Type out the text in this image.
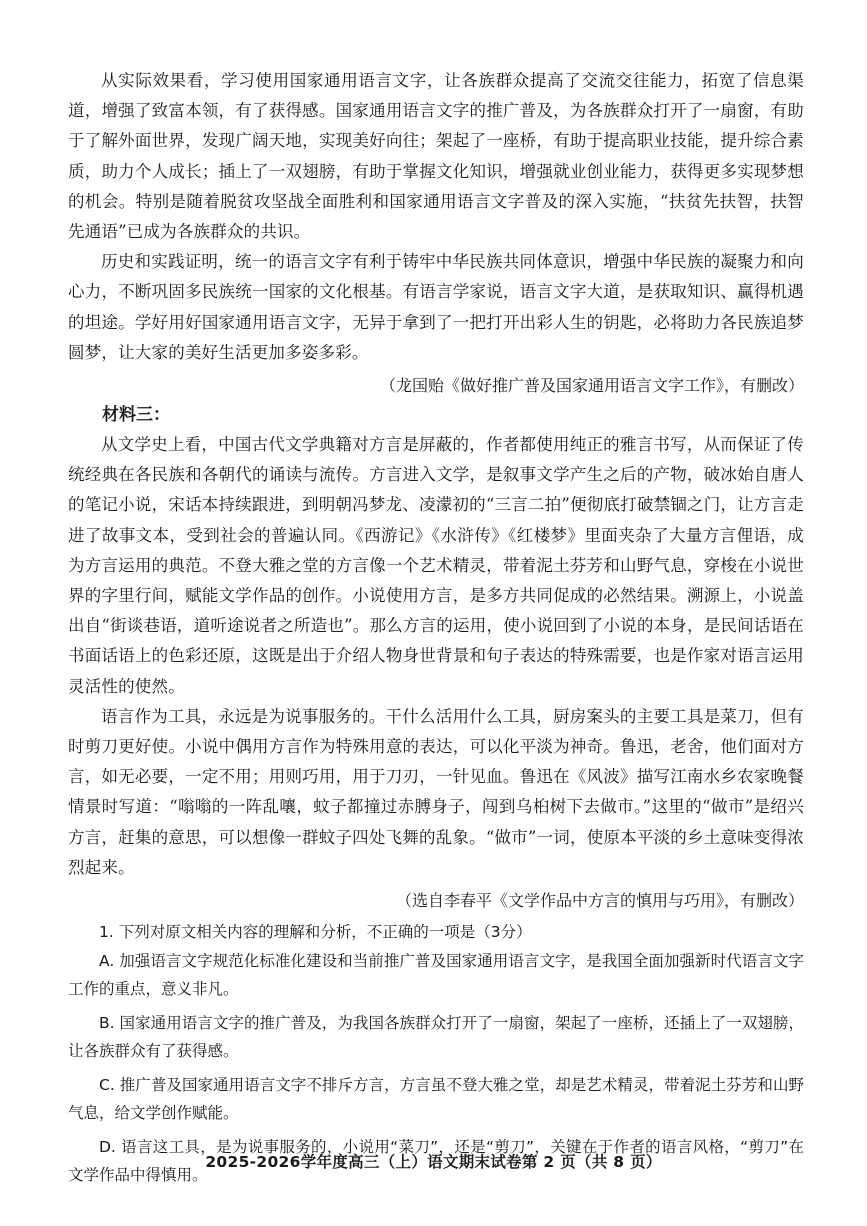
从实际效果看，学习使用国家通用语言文字，让各族群众提高了交流交往能力，拓宽了信息渠道，增强了致富本领，有了获得感。国家通用语言文字的推广普及，为各族群众打开了一扇窗，有助于了解外面世界，发现广阔天地，实现美好向往；架起了一座桥，有助于提高职业技能，提升综合素质，助力个人成长；插上了一双翅膀，有助于掌握文化知识，增强就业创业能力，获得更多实现梦想的机会。特别是随着脱贫攻坚战全面胜利和国家通用语言文字普及的深入实施，“扶贫先扶智，扶智先通语”已成为各族群众的共识。

历史和实践证明，统一的语言文字有利于铸牢中华民族共同体意识，增强中华民族的凝聚力和向心力，不断巩固多民族统一国家的文化根基。有语言学家说，语言文字大道，是获取知识、赢得机遇的坦途。学好用好国家通用语言文字，无异于拿到了一把打开出彩人生的钥匙，必将助力各民族追梦圆梦，让大家的美好生活更加多姿多彩。

（龙国贻《做好推广普及国家通用语言文字工作》，有删改）

材料三：

从文学史上看，中国古代文学典籍对方言是屏蔽的，作者都使用纯正的雅言书写，从而保证了传统经典在各民族和各朝代的诵读与流传。方言进入文学，是叙事文学产生之后的产物，破冰始自唐人的笔记小说，宋话本持续跟进，到明朝冯梦龙、凌濛初的“三言二拍”便彻底打破禁锢之门，让方言走进了故事文本，受到社会的普遍认同。《西游记》《水浒传》《红楼梦》里面夹杂了大量方言俚语，成为方言运用的典范。不登大雅之堂的方言像一个艺术精灵，带着泥土芬芳和山野气息，穿梭在小说世界的字里行间，赋能文学作品的创作。小说使用方言，是多方共同促成的必然结果。溯源上，小说盖出自“街谈巷语，道听途说者之所造也”。那么方言的运用，使小说回到了小说的本身，是民间话语在书面话语上的色彩还原，这既是出于介绍人物身世背景和句子表达的特殊需要，也是作家对语言运用灵活性的使然。

语言作为工具，永远是为说事服务的。干什么活用什么工具，厨房案头的主要工具是菜刀，但有时剪刀更好使。小说中偶用方言作为特殊用意的表达，可以化平淡为神奇。鲁迅，老舍，他们面对方言，如无必要，一定不用；用则巧用，用于刀刃，一针见血。鲁迅在《风波》描写江南水乡农家晚餐情景时写道：“嗡嗡的一阵乱嚷，蚊子都撞过赤膊身子，闯到乌桕树下去做市。”这里的“做市”是绍兴方言，赶集的意思，可以想像一群蚊子四处飞舞的乱象。“做市”一词，使原本平淡的乡土意味变得浓烈起来。

（选自李春平《文学作品中方言的慎用与巧用》，有删改）

1. 下列对原文相关内容的理解和分析，不正确的一项是（3分）

A. 加强语言文字规范化标准化建设和当前推广普及国家通用语言文字，是我国全面加强新时代语言文字工作的重点，意义非凡。

B. 国家通用语言文字的推广普及，为我国各族群众打开了一扇窗，架起了一座桥，还插上了一双翅膀，让各族群众有了获得感。

C. 推广普及国家通用语言文字不排斥方言，方言虽不登大雅之堂，却是艺术精灵，带着泥土芬芳和山野气息，给文学创作赋能。

D. 语言这工具，是为说事服务的，小说用“菜刀”，还是“剪刀”，关键在于作者的语言风格，“剪刀”在文学作品中得慎用。

2025-2026学年度高三（上）语文期末试卷第 2 页（共 8 页）
